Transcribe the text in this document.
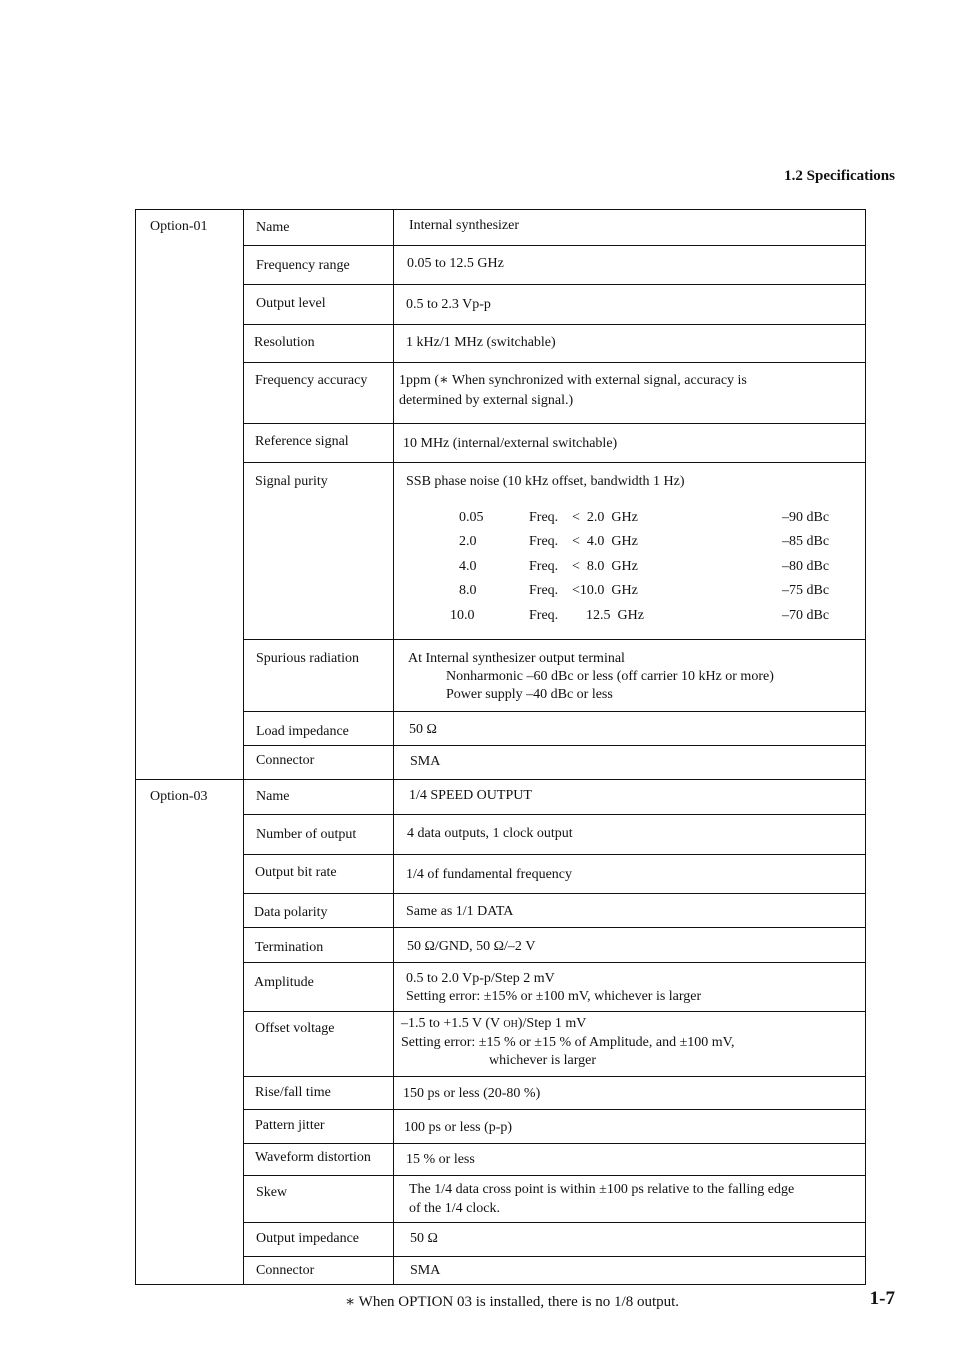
1.2 Specifications
Option-01	Name	Internal synthesizer
Frequency range	0.05 to 12.5 GHz
Output level	0.5 to 2.3 Vp-p
Resolution	1 kHz/1 MHz (switchable)
Frequency accuracy 1ppm (∗ When synchronized with external signal, accuracy is
determined by external signal.)
Reference signal	10 MHz (internal/external switchable)
Signal purity	SSB phase noise (10 kHz offset, bandwidth 1 Hz)
0.05	Freq. <  2.0  GHz	–90 dBc
2.0	Freq. <  4.0  GHz	–85 dBc
4.0	Freq. <  8.0  GHz	–80 dBc
8.0	Freq. <10.0  GHz	–75 dBc
10.0	Freq. 12.5  GHz	–70 dBc
Spurious radiation	At Internal synthesizer output terminal
Nonharmonic –60 dBc or less (off carrier 10 kHz or more)
Power supply –40 dBc or less
Load impedance	50 Ω
Connector	SMA
Option-03	Name	1/4 SPEED OUTPUT
Number of output	4 data outputs, 1 clock output
Output bit rate	1/4 of fundamental frequency
Data polarity	Same as 1/1 DATA
Termination	50 Ω/GND, 50 Ω/–2 V
Amplitude	0.5 to 2.0 Vp-p/Step 2 mV
Setting error: ±15% or ±100 mV, whichever is larger
Offset voltage	–1.5 to +1.5 V (V OH)/Step 1 mV
Setting error: ±15 % or ±15 % of Amplitude, and ±100 mV,
whichever is larger
Rise/fall time	150 ps or less (20-80 %)
Pattern jitter	100 ps or less (p-p)
Waveform distortion	15 % or less
Skew	The 1/4 data cross point is within ±100 ps relative to the falling edge
of the 1/4 clock.
Output impedance	50 Ω
Connector	SMA
∗ When OPTION 03 is installed, there is no 1/8 output.	1-7
